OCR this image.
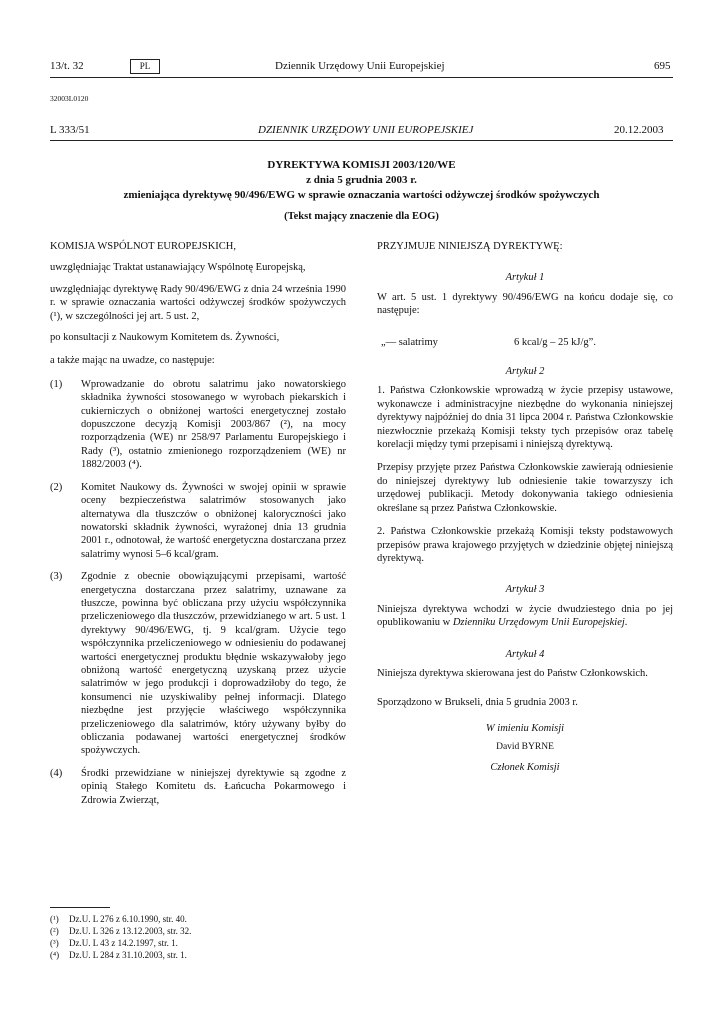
13/t. 32	PL	Dziennik Urzędowy Unii Europejskiej	695
32003L0120
L 333/51	DZIENNIK URZĘDOWY UNII EUROPEJSKIEJ	20.12.2003
DYREKTYWA KOMISJI 2003/120/WE
z dnia 5 grudnia 2003 r.
zmieniająca dyrektywę 90/496/EWG w sprawie oznaczania wartości odżywczej środków spożywczych
(Tekst mający znaczenie dla EOG)

KOMISJA WSPÓLNOT EUROPEJSKICH,

uwzględniając Traktat ustanawiający Wspólnotę Europejską,

uwzględniając dyrektywę Rady 90/496/EWG z dnia 24 września 1990 r. w sprawie oznaczania wartości odżywczej środków spożywczych (¹), w szczególności jej art. 5 ust. 2,

po konsultacji z Naukowym Komitetem ds. Żywności,

a także mając na uwadze, co następuje:

(1)	Wprowadzanie do obrotu salatrimu jako nowatorskiego składnika żywności stosowanego w wyrobach piekarskich i cukierniczych o obniżonej wartości energetycznej zostało dopuszczone decyzją Komisji 2003/867 (²), na mocy rozporządzenia (WE) nr 258/97 Parlamentu Europejskiego i Rady (³), ostatnio zmienionego rozporządzeniem (WE) nr 1882/2003 (⁴).
(2)	Komitet Naukowy ds. Żywności w swojej opinii w sprawie oceny bezpieczeństwa salatrimów stosowanych jako alternatywa dla tłuszczów o obniżonej kaloryczności jako nowatorski składnik żywności, wyrażonej dnia 13 grudnia 2001 r., odnotował, że wartość energetyczna dostarczana przez salatrimy wynosi 5–6 kcal/gram.
(3)	Zgodnie z obecnie obowiązującymi przepisami, wartość energetyczna dostarczana przez salatrimy, uznawane za tłuszcze, powinna być obliczana przy użyciu współczynnika przeliczeniowego dla tłuszczów, przewidzianego w art. 5 ust. 1 dyrektywy 90/496/EWG, tj. 9 kcal/gram. Użycie tego współczynnika przeliczeniowego w odniesieniu do podawanej wartości energetycznej produktu błędnie wskazywałoby jego obniżoną wartość energetyczną uzyskaną przez użycie salatrimów w jego produkcji i doprowadziłoby do tego, że konsumenci nie uzyskiwaliby pełnej informacji. Dlatego niezbędne jest przyjęcie właściwego współczynnika przeliczeniowego dla salatrimów, który używany byłby do obliczania podawanej wartości energetycznej środków spożywczych.
(4)	Środki przewidziane w niniejszej dyrektywie są zgodne z opinią Stałego Komitetu ds. Łańcucha Pokarmowego i Zdrowia Zwierząt,

PRZYJMUJE NINIEJSZĄ DYREKTYWĘ:

Artykuł 1

W art. 5 ust. 1 dyrektywy 90/496/EWG na końcu dodaje się, co następuje:

„— salatrimy	6 kcal/g – 25 kJ/g”.

Artykuł 2

1. Państwa Członkowskie wprowadzą w życie przepisy ustawowe, wykonawcze i administracyjne niezbędne do wykonania niniejszej dyrektywy najpóźniej do dnia 31 lipca 2004 r. Państwa Członkowskie niezwłocznie przekażą Komisji teksty tych przepisów oraz tabelę korelacji między tymi przepisami i niniejszą dyrektywą.

Przepisy przyjęte przez Państwa Członkowskie zawierają odniesienie do niniejszej dyrektywy lub odniesienie takie towarzyszy ich urzędowej publikacji. Metody dokonywania takiego odniesienia określane są przez Państwa Członkowskie.

2. Państwa Członkowskie przekażą Komisji teksty podstawowych przepisów prawa krajowego przyjętych w dziedzinie objętej niniejszą dyrektywą.

Artykuł 3

Niniejsza dyrektywa wchodzi w życie dwudziestego dnia po jej opublikowaniu w Dzienniku Urzędowym Unii Europejskiej.

Artykuł 4

Niniejsza dyrektywa skierowana jest do Państw Członkowskich.

Sporządzono w Brukseli, dnia 5 grudnia 2003 r.

W imieniu Komisji

David BYRNE

Członek Komisji

(¹)	Dz.U. L 276 z 6.10.1990, str. 40.
(²)	Dz.U. L 326 z 13.12.2003, str. 32.
(³)	Dz.U. L 43 z 14.2.1997, str. 1.
(⁴)	Dz.U. L 284 z 31.10.2003, str. 1.
